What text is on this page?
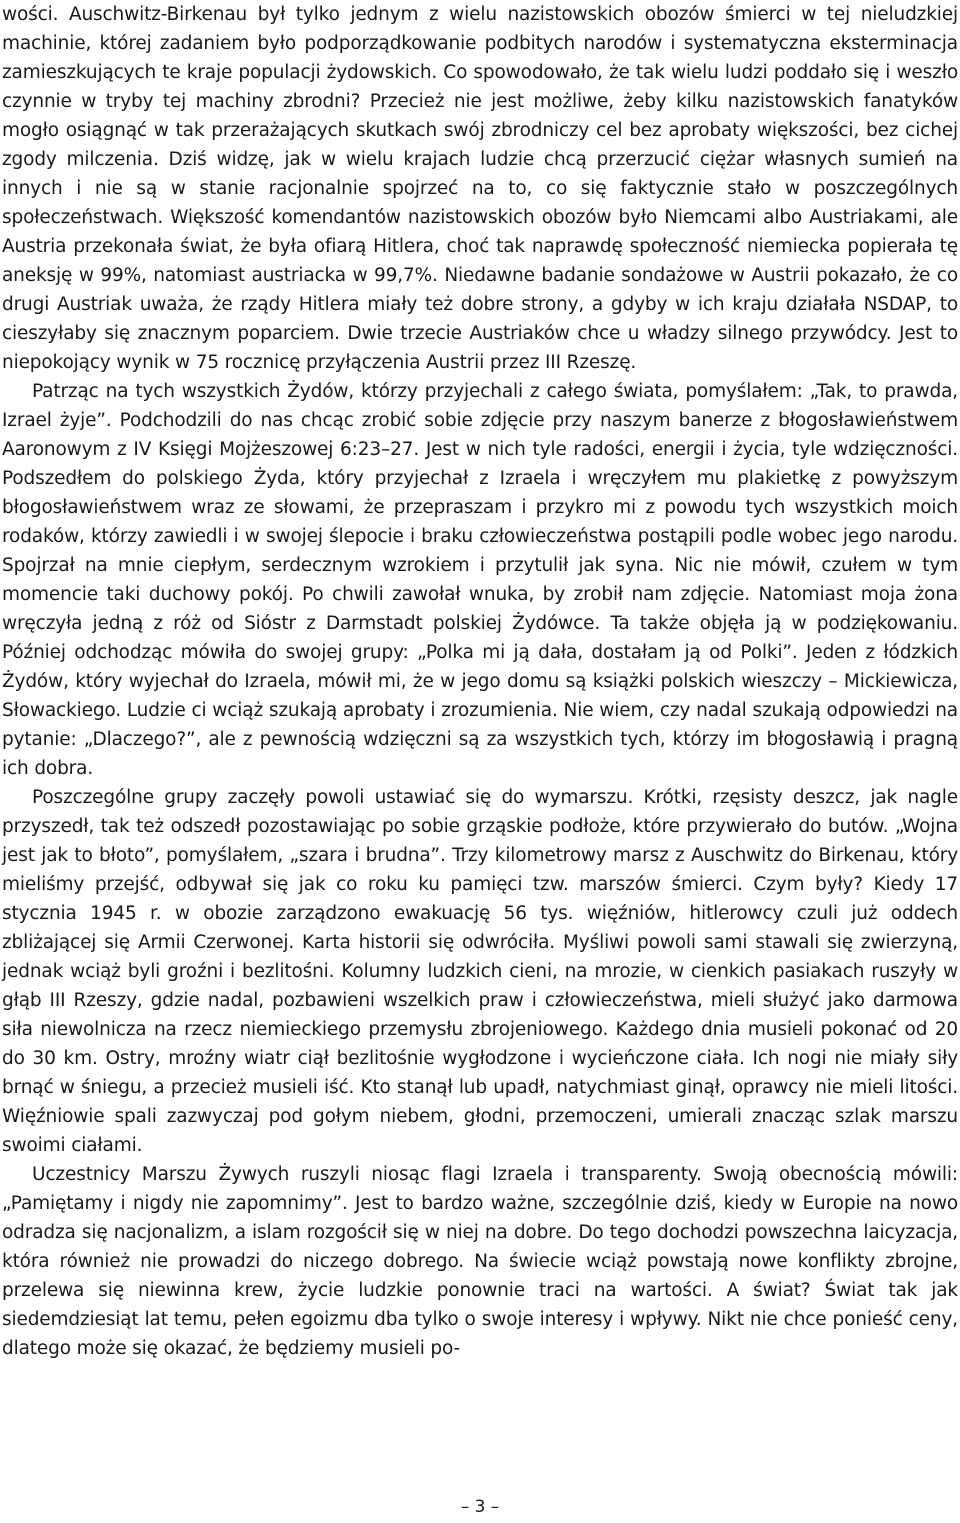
wości. Auschwitz-Birkenau był tylko jednym z wielu nazistowskich obozów śmierci w tej nieludzkiej machinie, której zadaniem było podporządkowanie podbitych narodów i systematyczna eksterminacja zamieszkujących te kraje populacji żydowskich. Co spowodowało, że tak wielu ludzi poddało się i weszło czynnie w tryby tej machiny zbrodni? Przecież nie jest możliwe, żeby kilku nazistowskich fanatyków mogło osiągnąć w tak przerażających skutkach swój zbrodniczy cel bez aprobaty większości, bez cichej zgody milczenia. Dziś widzę, jak w wielu krajach ludzie chcą przerzucić ciężar własnych sumień na innych i nie są w stanie racjonalnie spojrzeć na to, co się faktycznie stało w poszczególnych społeczeństwach. Większość komendantów nazistowskich obozów było Niemcami albo Austriakami, ale Austria przekonała świat, że była ofiarą Hitlera, choć tak naprawdę społeczność niemiecka popierała tę aneksję w 99%, natomiast austriacka w 99,7%. Niedawne badanie sondażowe w Austrii pokazało, że co drugi Austriak uważa, że rządy Hitlera miały też dobre strony, a gdyby w ich kraju działała NSDAP, to cieszyłaby się znacznym poparciem. Dwie trzecie Austriaków chce u władzy silnego przywódcy. Jest to niepokojący wynik w 75 rocznicę przyłączenia Austrii przez III Rzeszę.

Patrząc na tych wszystkich Żydów, którzy przyjechali z całego świata, pomyślałem: „Tak, to prawda, Izrael żyje”. Podchodzili do nas chcąc zrobić sobie zdjęcie przy naszym banerze z błogosławieństwem Aaronowym z IV Księgi Mojżeszowej 6:23–27. Jest w nich tyle radości, energii i życia, tyle wdzięczności. Podszedłem do polskiego Żyda, który przyjechał z Izraela i wręczyłem mu plakietkę z powyższym błogosławieństwem wraz ze słowami, że przepraszam i przykro mi z powodu tych wszystkich moich rodaków, którzy zawiedli i w swojej ślepocie i braku człowieczeństwa postąpili podle wobec jego narodu. Spojrzał na mnie ciepłym, serdecznym wzrokiem i przytulił jak syna. Nic nie mówił, czułem w tym momencie taki duchowy pokój. Po chwili zawołał wnuka, by zrobił nam zdjęcie. Natomiast moja żona wręczyła jedną z róż od Sióstr z Darmstadt polskiej Żydówce. Ta także objęła ją w podziękowaniu. Później odchodząc mówiła do swojej grupy: „Polka mi ją dała, dostałam ją od Polki”. Jeden z łódzkich Żydów, który wyjechał do Izraela, mówił mi, że w jego domu są książki polskich wieszczy – Mickiewicza, Słowackiego. Ludzie ci wciąż szukają aprobaty i zrozumienia. Nie wiem, czy nadal szukają odpowiedzi na pytanie: „Dlaczego?”, ale z pewnością wdzięczni są za wszystkich tych, którzy im błogosławią i pragną ich dobra.

Poszczególne grupy zaczęły powoli ustawiać się do wymarszu. Krótki, rzęsisty deszcz, jak nagle przyszedł, tak też odszedł pozostawiając po sobie grząskie podłoże, które przywierało do butów. „Wojna jest jak to błoto”, pomyślałem, „szara i brudna”. Trzy kilometrowy marsz z Auschwitz do Birkenau, który mieliśmy przejść, odbywał się jak co roku ku pamięci tzw. marszów śmierci. Czym były? Kiedy 17 stycznia 1945 r. w obozie zarządzono ewakuację 56 tys. więźniów, hitlerowcy czuli już oddech zbliżającej się Armii Czerwonej. Karta historii się odwróciła. Myśliwi powoli sami stawali się zwierzyną, jednak wciąż byli groźni i bezlitośni. Kolumny ludzkich cieni, na mrozie, w cienkich pasiakach ruszyły w głąb III Rzeszy, gdzie nadal, pozbawieni wszelkich praw i człowieczeństwa, mieli służyć jako darmowa siła niewolnicza na rzecz niemieckiego przemysłu zbrojeniowego. Każdego dnia musieli pokonać od 20 do 30 km. Ostry, mroźny wiatr ciął bezlitośnie wygłodzone i wycieńczone ciała. Ich nogi nie miały siły brnąć w śniegu, a przecież musieli iść. Kto stanął lub upadł, natychmiast ginął, oprawcy nie mieli litości. Więźniowie spali zazwyczaj pod gołym niebem, głodni, przemoczeni, umierali znacząc szlak marszu swoimi ciałami.

Uczestnicy Marszu Żywych ruszyli niosąc flagi Izraela i transparenty. Swoją obecnością mówili: „Pamiętamy i nigdy nie zapomnimy”. Jest to bardzo ważne, szczególnie dziś, kiedy w Europie na nowo odradza się nacjonalizm, a islam rozgościł się w niej na dobre. Do tego dochodzi powszechna laicyzacja, która również nie prowadzi do niczego dobrego. Na świecie wciąż powstają nowe konflikty zbrojne, przelewa się niewinna krew, życie ludzkie ponownie traci na wartości. A świat? Świat tak jak siedemdziesiąt lat temu, pełen egoizmu dba tylko o swoje interesy i wpływy. Nikt nie chce ponieść ceny, dlatego może się okazać, że będziemy musieli po-

– 3 –
